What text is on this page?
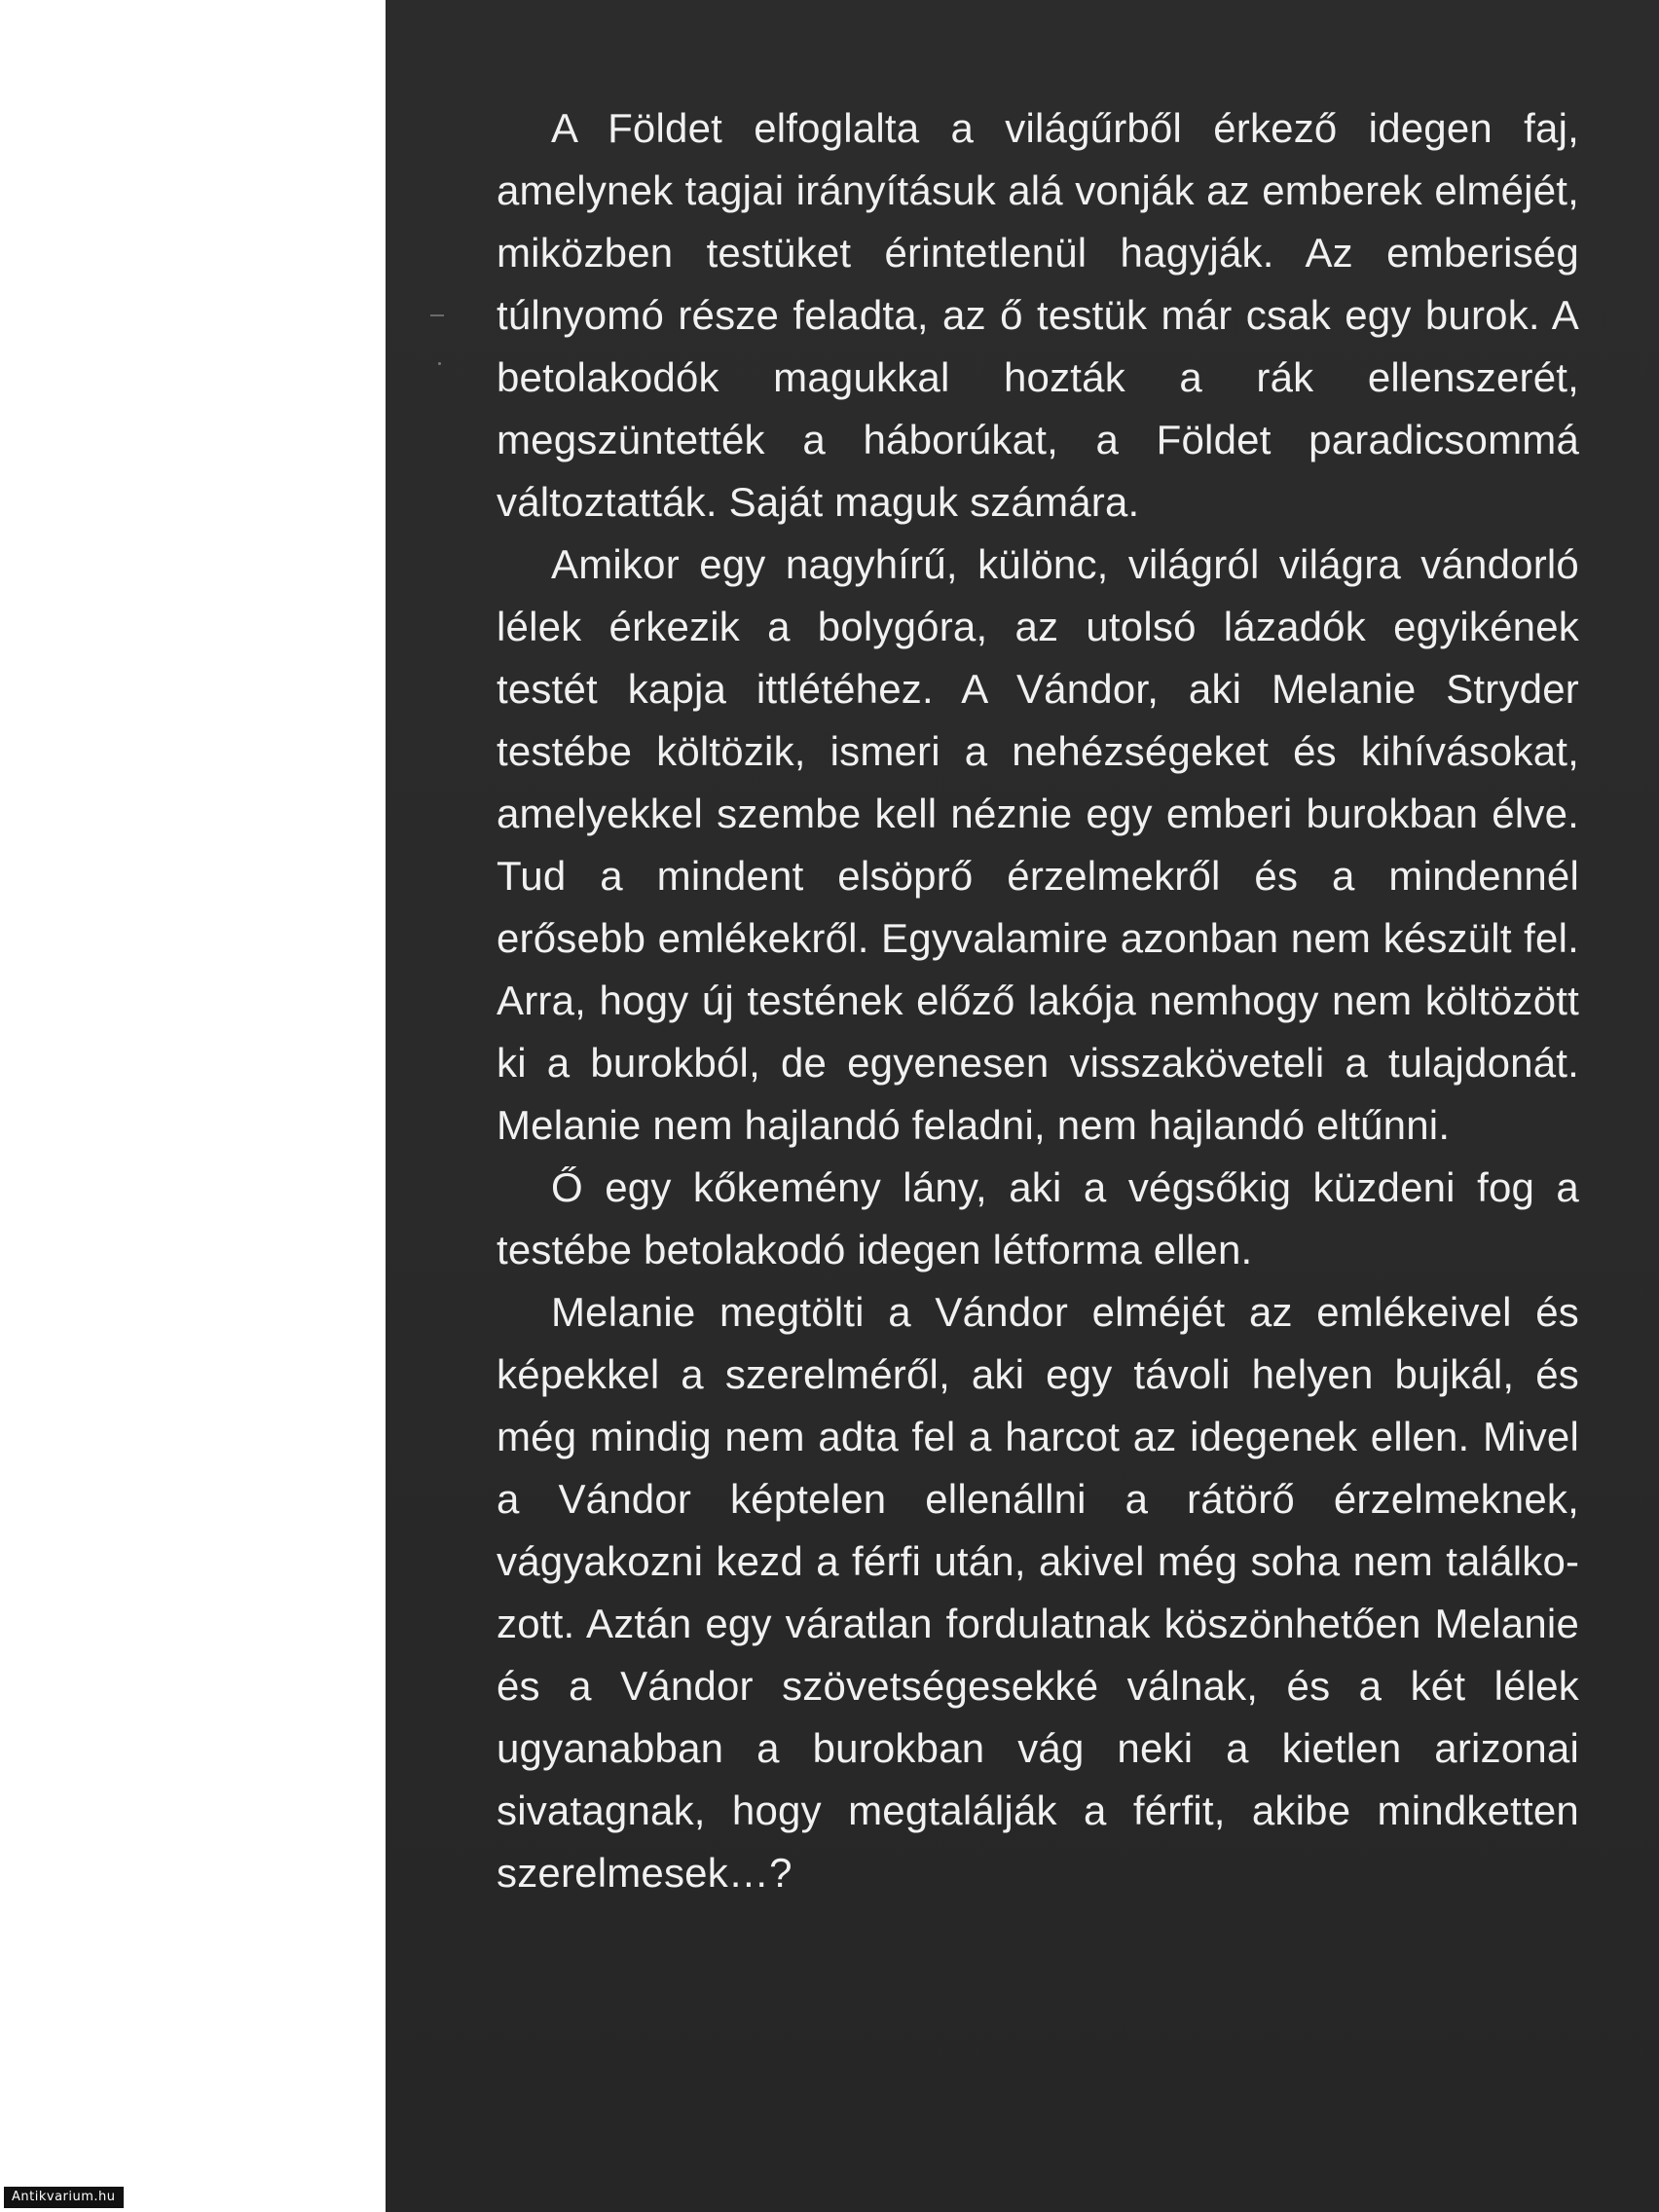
A Földet elfoglalta a világűrből érkező idegen faj, amelynek tagjai irányításuk alá vonják az emberek elméjét, miközben testüket érintetlenül hagyják. Az emberiség túlnyomó része feladta, az ő testük már csak egy burok. A betolakodók magukkal hozták a rák ellenszerét, megszüntették a háborúkat, a Földet paradicsommá változtatták. Saját maguk számára.

Amikor egy nagyhírű, különc, világról világra vándorló lélek érkezik a bolygóra, az utolsó lázadók egyikének testét kapja ittlétéhez. A Vándor, aki Melanie Stryder testébe költözik, ismeri a nehézségeket és kihívásokat, amelyekkel szembe kell néznie egy emberi burokban élve. Tud a mindent elsöprő érzelmekről és a mindennél erősebb emlékekről. Egyvalamire azonban nem készült fel. Arra, hogy új testének előző lakója nemhogy nem költözött ki a burokból, de egyenesen visszaköveteli a tulajdonát. Melanie nem hajlandó feladni, nem hajlandó eltűnni.

Ő egy kőkemény lány, aki a végsőkig küzdeni fog a testébe betolakodó idegen létforma ellen.

Melanie megtölti a Vándor elméjét az emlékeivel és képekkel a szerelméről, aki egy távoli helyen bujkál, és még mindig nem adta fel a harcot az idegenek ellen. Mivel a Vándor képtelen ellenállni a rátörő érzelmeknek, vágyakozni kezd a férfi után, akivel még soha nem találkozott. Aztán egy váratlan fordulatnak köszönhetően Melanie és a Vándor szövetségesekké válnak, és a két lélek ugyanabban a burokban vág neki a kietlen arizonai sivatagnak, hogy megtalálják a férfit, akibe mindketten szerelmesek…?

Antikvarium.hu
